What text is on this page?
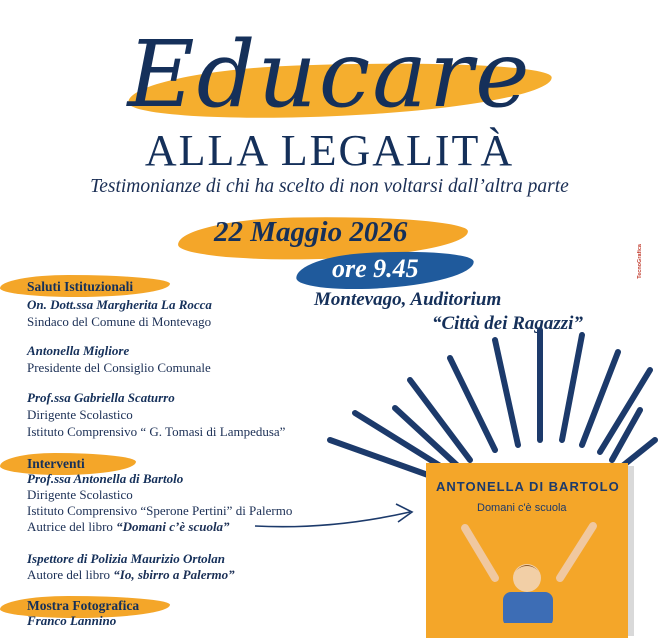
Educare
ALLA LEGALITÀ
Testimonianze di chi ha scelto di non voltarsi dall’altra parte
22 Maggio 2026
ore 9.45
Montevago, Auditorium
“Città dei Ragazzi”
TecnoGrafica
Saluti Istituzionali
On. Dott.ssa Margherita La Rocca
Sindaco del Comune di Montevago
Antonella Migliore
Presidente del Consiglio Comunale
Prof.ssa Gabriella Scaturro
Dirigente Scolastico
Istituto Comprensivo “ G. Tomasi di Lampedusa”
Interventi
Prof.ssa Antonella di Bartolo
Dirigente Scolastico
Istituto Comprensivo “Sperone Pertini” di Palermo
Autrice del libro “Domani c’è scuola”
Ispettore di Polizia Maurizio Ortolan
Autore del libro “Io, sbirro a Palermo”
Mostra Fotografica
Franco Lannino
ANTONELLA DI BARTOLO
Domani c'è scuola
